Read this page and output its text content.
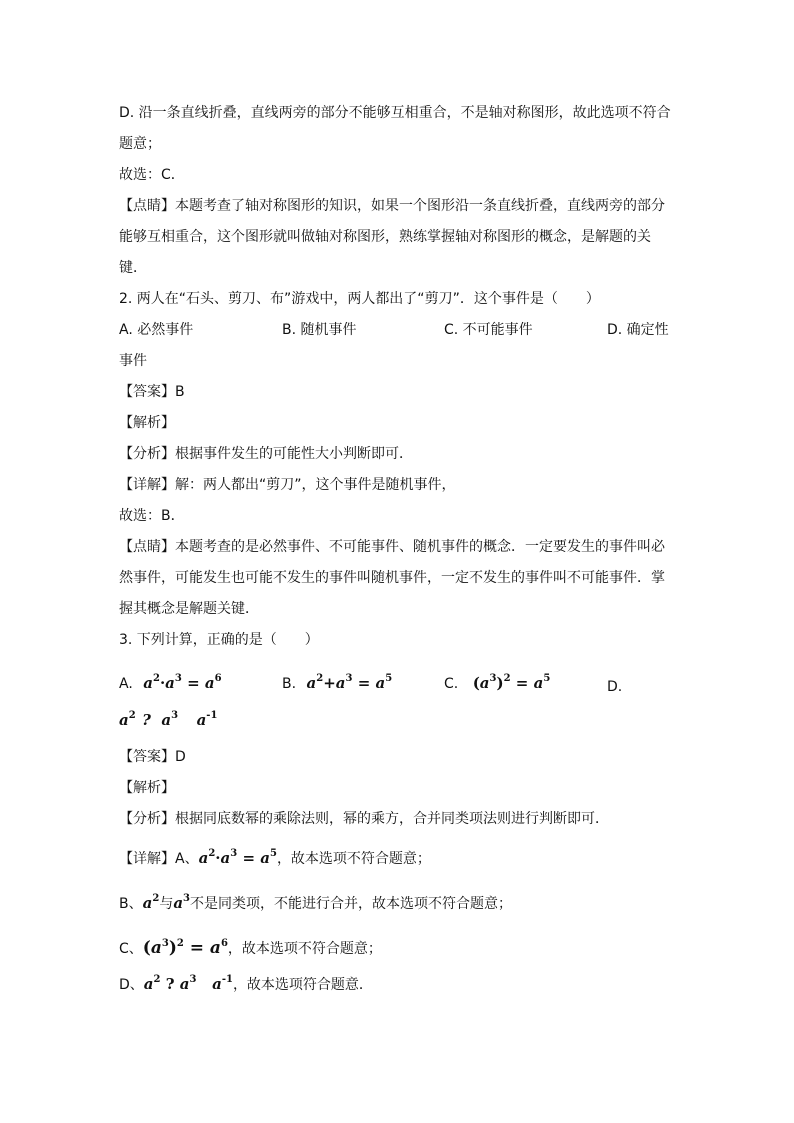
D. 沿一条直线折叠，直线两旁的部分不能够互相重合，不是轴对称图形，故此选项不符合
题意；
故选：C．
【点睛】本题考查了轴对称图形的知识，如果一个图形沿一条直线折叠，直线两旁的部分
能够互相重合，这个图形就叫做轴对称图形，熟练掌握轴对称图形的概念，是解题的关
键．
2. 两人在“石头、剪刀、布”游戏中，两人都出了“剪刀”．这个事件是（　　）
A. 必然事件	B. 随机事件	C. 不可能事件	D. 确定性
事件
【答案】B
【解析】
【分析】根据事件发生的可能性大小判断即可．
【详解】解：两人都出“剪刀”，这个事件是随机事件，
故选：B．
【点睛】本题考查的是必然事件、不可能事件、随机事件的概念．一定要发生的事件叫必
然事件，可能发生也可能不发生的事件叫随机事件，一定不发生的事件叫不可能事件．掌
握其概念是解题关键．
3. 下列计算，正确的是（　　）
A. $a^2\cdot a^3 = a^6$	B. $a^2+a^3 = a^5$	C. $(a^3)^2 = a^5$
D.
$a^2$ ? $a^3$ $a^{-1}$
【答案】D
【解析】
【分析】根据同底数幂的乘除法则，幂的乘方，合并同类项法则进行判断即可．
【详解】A、$a^2\cdot a^3 = a^5$，故本选项不符合题意；
B、$a^2$与$a^3$不是同类项，不能进行合并，故本选项不符合题意；
C、$(a^3)^2 = a^6$，故本选项不符合题意；
D、$a^2$ ? $a^3$   $a^{-1}$，故本选项符合题意．
